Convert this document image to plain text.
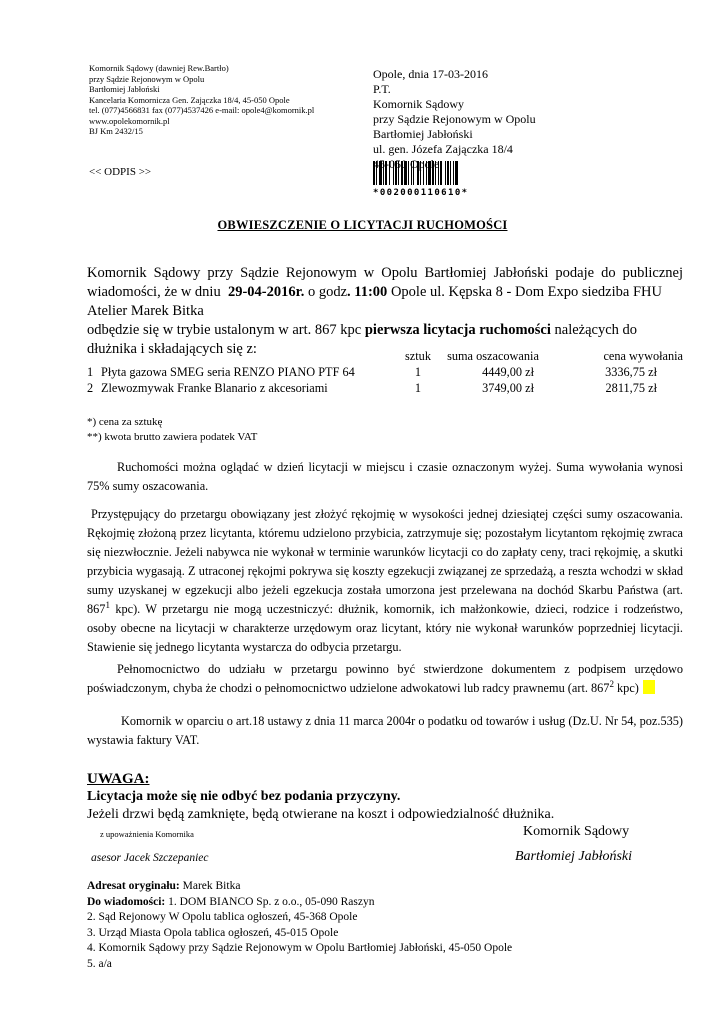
Komornik Sądowy (dawniej Rew.Bartło)
przy Sądzie Rejonowym w Opolu
Bartłomiej Jabłoński
Kancelaria Komornicza Gen. Zajączka 18/4, 45-050 Opole
tel. (077)4566831 fax (077)4537426 e-mail: opole4@komornik.pl
www.opolekomornik.pl
BJ Km 2432/15
<< ODPIS >>
Opole, dnia 17-03-2016
P.T.
Komornik Sądowy
przy Sądzie Rejonowym w Opolu
Bartłomiej Jabłoński
ul. gen. Józefa Zajączka 18/4
Opole
*002000110610*
OBWIESZCZENIE O LICYTACJI RUCHOMOŚCI
Komornik Sądowy przy Sądzie Rejonowym w Opolu Bartłomiej Jabłoński podaje do publicznej
wiadomości, że w dniu 29-04-2016r. o godz . 11:00 Opole ul. Kępska 8 - Dom Expo siedziba FHU
Atelier Marek Bitka
odbędzie się w trybie ustalonym w art. 867 kpc pierwsza licytacja ruchomości należących do
dłużnika i składających się z:
			sztuk	suma oszacowania	cena wywołania
1	Płyta gazowa SMEG seria RENZO PIANO PTF 64	1	4449,00 zł	3336,75 zł
2	Zlewozmywak Franke Blanario z akcesoriami	1	3749,00 zł	2811,75 zł
*) cena za sztukę
**) kwota brutto zawiera podatek VAT
Ruchomości można oglądać w dzień licytacji w miejscu i czasie oznaczonym wyżej. Suma wywołania wynosi 75% sumy oszacowania.
Przystępujący do przetargu obowiązany jest złożyć rękojmię w wysokości jednej dziesiątej części sumy oszacowania. Rękojmię złożoną przez licytanta, któremu udzielono przybicia, zatrzymuje się; pozostałym licytantom rękojmię zwraca się niezwłocznie. Jeżeli nabywca nie wykonał w terminie warunków licytacji co do zapłaty ceny, traci rękojmię, a skutki przybicia wygasają. Z utraconej rękojmi pokrywa się koszty egzekucji związanej ze sprzedażą, a reszta wchodzi w skład sumy uzyskanej w egzekucji albo jeżeli egzekucja została umorzona jest przelewana na dochód Skarbu Państwa (art. $867^1$ kpc). W przetargu nie mogą uczestniczyć: dłużnik, komornik, ich małżonkowie, dzieci, rodzice i rodzeństwo, osoby obecne na licytacji w charakterze urzędowym oraz licytant, który nie wykonał warunków poprzedniej licytacji. Stawienie się jednego licytanta wystarcza do odbycia przetargu.
Pełnomocnictwo do udziału w przetargu powinno być stwierdzone dokumentem z podpisem urzędowo poświadczonym, chyba że chodzi o pełnomocnictwo udzielone adwokatowi lub radcy prawnemu (art. $867^2$ kpc)
Komornik w oparciu o art.18 ustawy z dnia 11 marca 2004r o podatku od towarów i usług (Dz.U. Nr 54, poz.535) wystawia faktury VAT.
UWAGA:
Licytacja może się nie odbyć bez podania przyczyny.
Jeżeli drzwi będą zamknięte, będą otwierane na koszt i odpowiedzialność dłużnika.
z upoważnienia Komornika	Komornik Sądowy
asesor Jacek Szczepaniec	Bartłomiej Jabłoński
Adresat oryginału: Marek Bitka
Do wiadomości: 1. DOM BIANCO Sp. z o.o., 05-090 Raszyn
2. Sąd Rejonowy W Opolu tablica ogłoszeń, 45-368 Opole
3. Urząd Miasta Opola tablica ogłoszeń, 45-015 Opole
4. Komornik Sądowy przy Sądzie Rejonowym w Opolu Bartłomiej Jabłoński, 45-050 Opole
5. a/a
